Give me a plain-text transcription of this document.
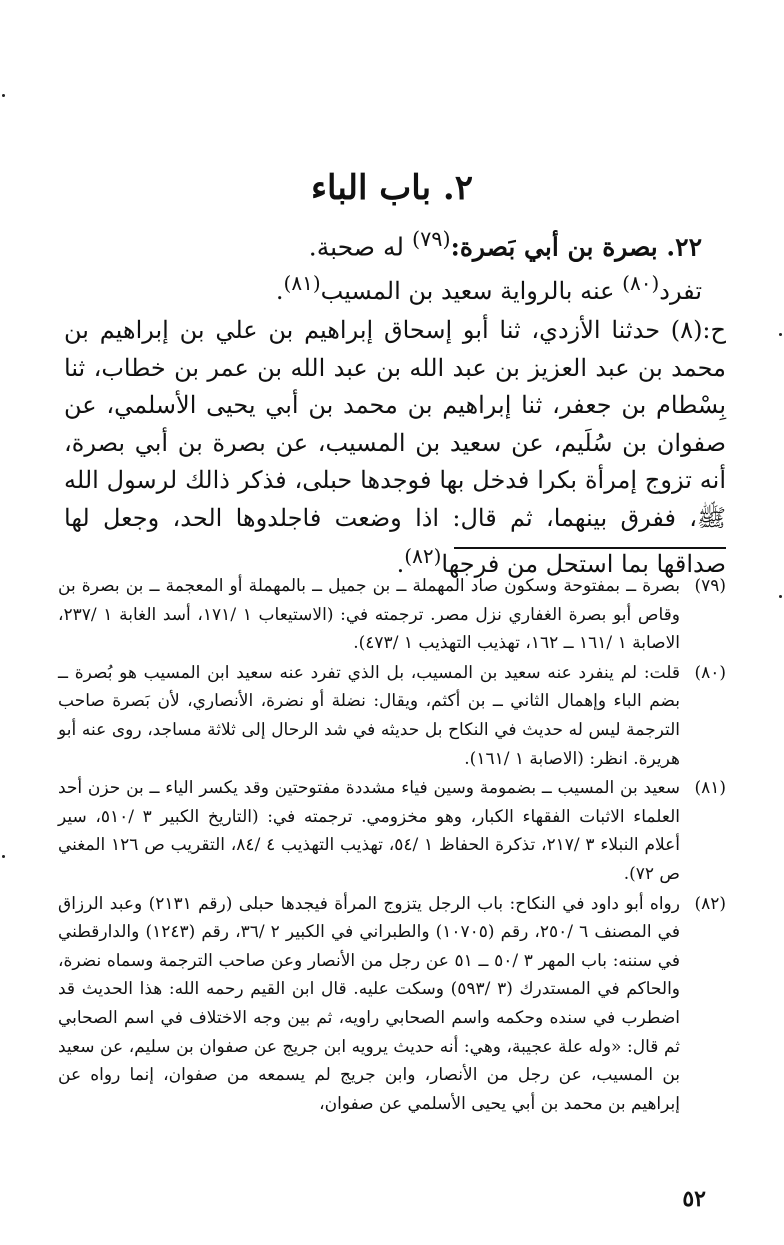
٢. باب الباء
٢٢. بصرة بن أبي بَصرة:$^{(٧٩)}$ له صحبة.
تفرد$^{(٨٠)}$ عنه بالرواية سعيد بن المسيب$^{(٨١)}$.

ح:(٨) حدثنا الأزدي، ثنا أبو إسحاق إبراهيم بن علي بن إبراهيم بن محمد بن عبد العزيز بن عبد الله بن عبد الله بن عمر بن خطاب، ثنا بِسْطام بن جعفر، ثنا إبراهيم بن محمد بن أبي يحيى الأسلمي، عن صفوان بن سُلَيم، عن سعيد بن المسيب، عن بصرة بن أبي بصرة، أنه تزوج إمرأة بكرا فدخل بها فوجدها حبلى، فذكر ذالك لرسول الله ﷺ، ففرق بينهما، ثم قال: اذا وضعت فاجلدوها الحد، وجعل لها صداقها بما استحل من فرجها$^{(٨٢)}$.

(٧٩)
بصرة ــ بمفتوحة وسكون صاد المهملة ــ بن جميل ــ بالمهملة أو المعجمة ــ بن بصرة بن وقاص أبو بصرة الغفاري نزل مصر. ترجمته في: (الاستيعاب ١ /١٧١، أسد الغابة ١ /٢٣٧، الاصابة ١ /١٦١ ــ ١٦٢، تهذيب التهذيب ١ /٤٧٣).
(٨٠)
قلت: لم ينفرد عنه سعيد بن المسيب، بل الذي تفرد عنه سعيد ابن المسيب هو بُصرة ــ بضم الباء وإهمال الثاني ــ بن أكثم، ويقال: نضلة أو نضرة، الأنصاري، لأن بَصرة صاحب الترجمة ليس له حديث في النكاح بل حديثه في شد الرحال إلى ثلاثة مساجد، روى عنه أبو هريرة. انظر: (الاصابة ١ /١٦١).
(٨١)
سعيد بن المسيب ــ بضمومة وسين فياء مشددة مفتوحتين وقد يكسر الياء ــ بن حزن أحد العلماء الاثبات الفقهاء الكبار، وهو مخزومي. ترجمته في: (التاريخ الكبير ٣ /٥١٠، سير أعلام النبلاء ٣ /٢١٧، تذكرة الحفاظ ١ /٥٤، تهذيب التهذيب ٤ /٨٤، التقريب ص ١٢٦ المغني ص ٧٢).
(٨٢)
رواه أبو داود في النكاح: باب الرجل يتزوج المرأة فيجدها حبلى (رقم ٢١٣١) وعبد الرزاق في المصنف ٦ /٢٥٠، رقم (١٠٧٠٥) والطبراني في الكبير ٢ /٣٦، رقم (١٢٤٣) والدارقطني في سننه: باب المهر ٣ /٥٠ ــ ٥١ عن رجل من الأنصار وعن صاحب الترجمة وسماه نضرة، والحاكم في المستدرك (٣ /٥٩٣) وسكت عليه. قال ابن القيم رحمه الله: هذا الحديث قد اضطرب في سنده وحكمه واسم الصحابي راويه، ثم بين وجه الاختلاف في اسم الصحابي ثم قال: «وله علة عجيبة، وهي: أنه حديث يرويه ابن جريج عن صفوان بن سليم، عن سعيد بن المسيب، عن رجل من الأنصار، وابن جريج لم يسمعه من صفوان، إنما رواه عن إبراهيم بن محمد بن أبي يحيى الأسلمي عن صفوان،
٥٢
